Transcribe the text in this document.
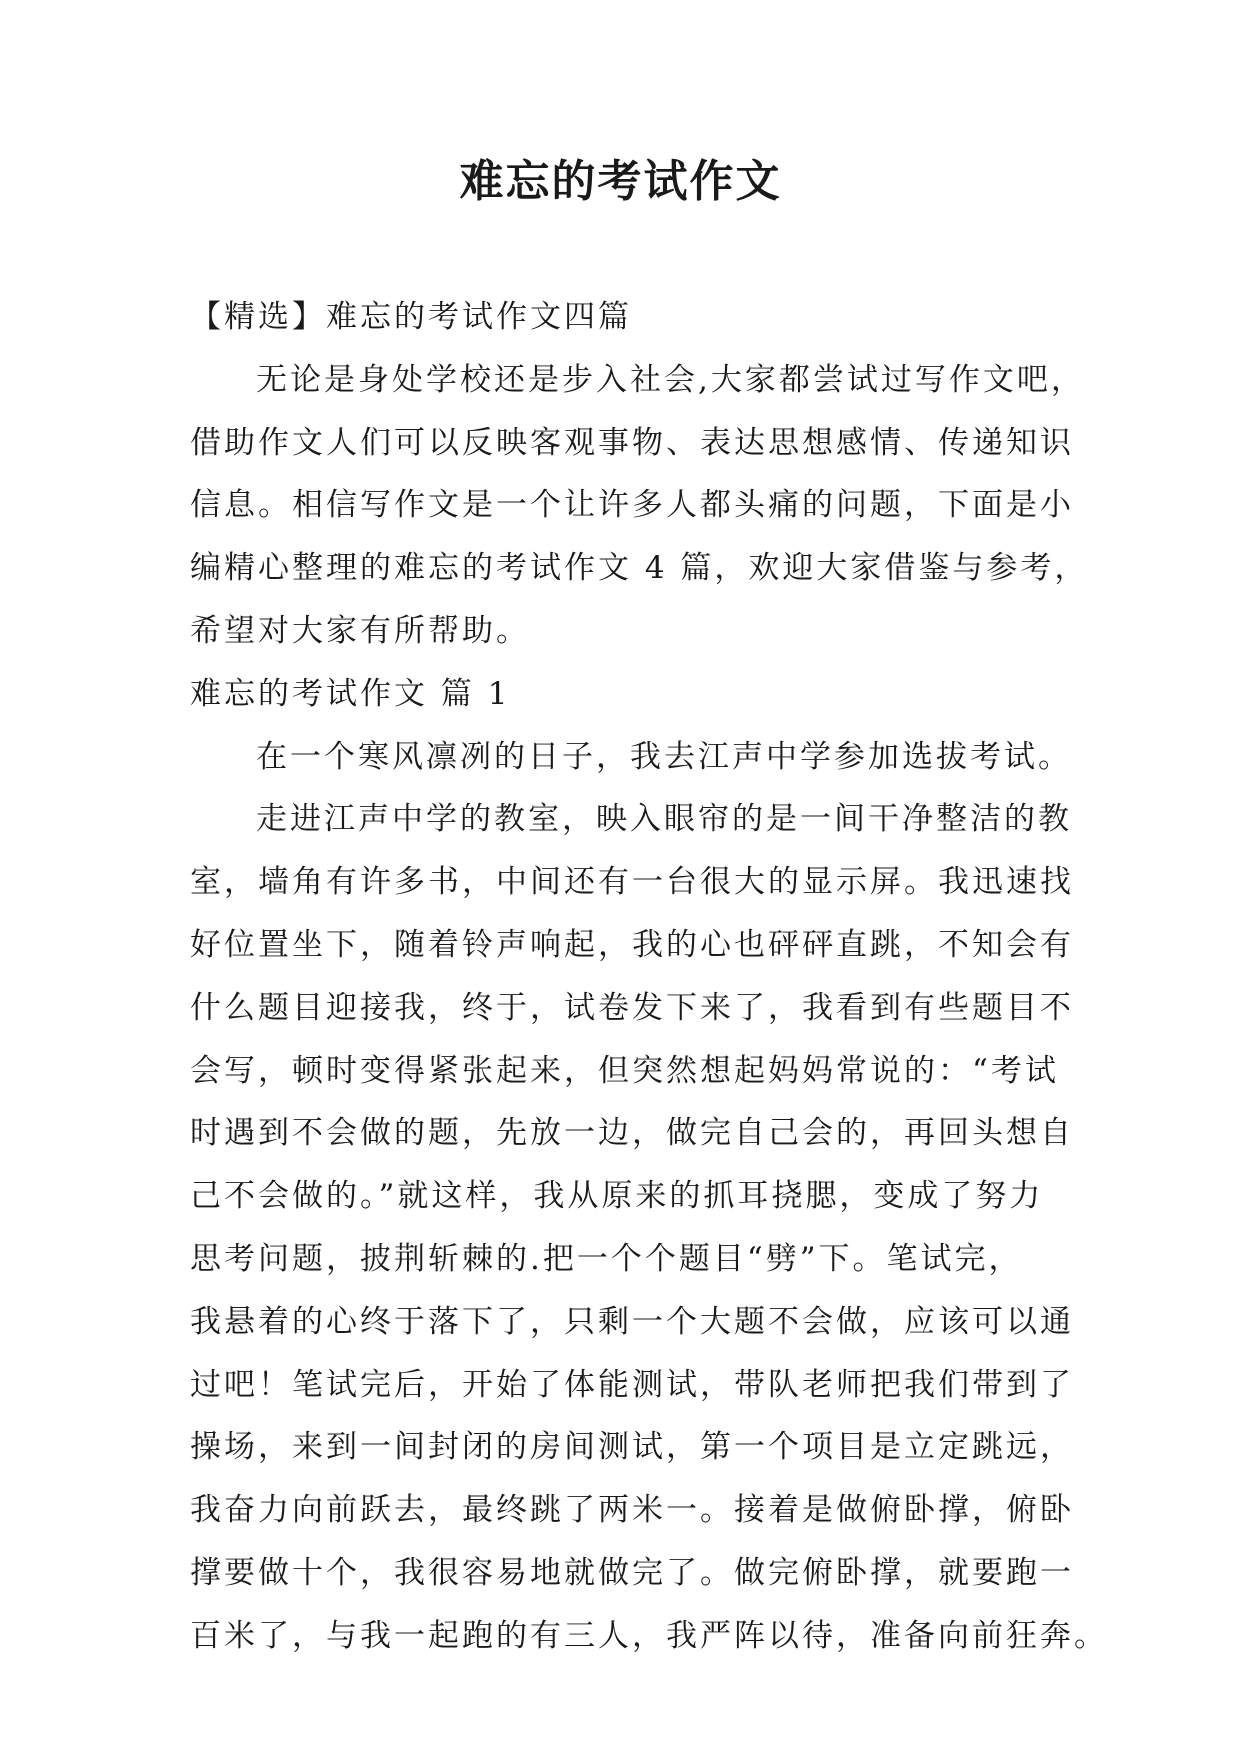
难忘的考试作文
【精选】难忘的考试作文四篇
无论是身处学校还是步入社会,大家都尝试过写作文吧，
借助作文人们可以反映客观事物、表达思想感情、传递知识
信息。相信写作文是一个让许多人都头痛的问题，下面是小
编精心整理的难忘的考试作文 4 篇，欢迎大家借鉴与参考，
希望对大家有所帮助。
难忘的考试作文 篇 1
在一个寒风凛冽的日子，我去江声中学参加选拔考试。
走进江声中学的教室，映入眼帘的是一间干净整洁的教
室，墙角有许多书，中间还有一台很大的显示屏。我迅速找
好位置坐下，随着铃声响起，我的心也砰砰直跳，不知会有
什么题目迎接我，终于，试卷发下来了，我看到有些题目不
会写，顿时变得紧张起来，但突然想起妈妈常说的：“考试
时遇到不会做的题，先放一边，做完自己会的，再回头想自
己不会做的。”就这样，我从原来的抓耳挠腮，变成了努力
思考问题，披荆斩棘的.把一个个题目“劈”下。笔试完，
我悬着的心终于落下了，只剩一个大题不会做，应该可以通
过吧！笔试完后，开始了体能测试，带队老师把我们带到了
操场，来到一间封闭的房间测试，第一个项目是立定跳远，
我奋力向前跃去，最终跳了两米一。接着是做俯卧撑，俯卧
撑要做十个，我很容易地就做完了。做完俯卧撑，就要跑一
百米了，与我一起跑的有三人，我严阵以待，准备向前狂奔。
